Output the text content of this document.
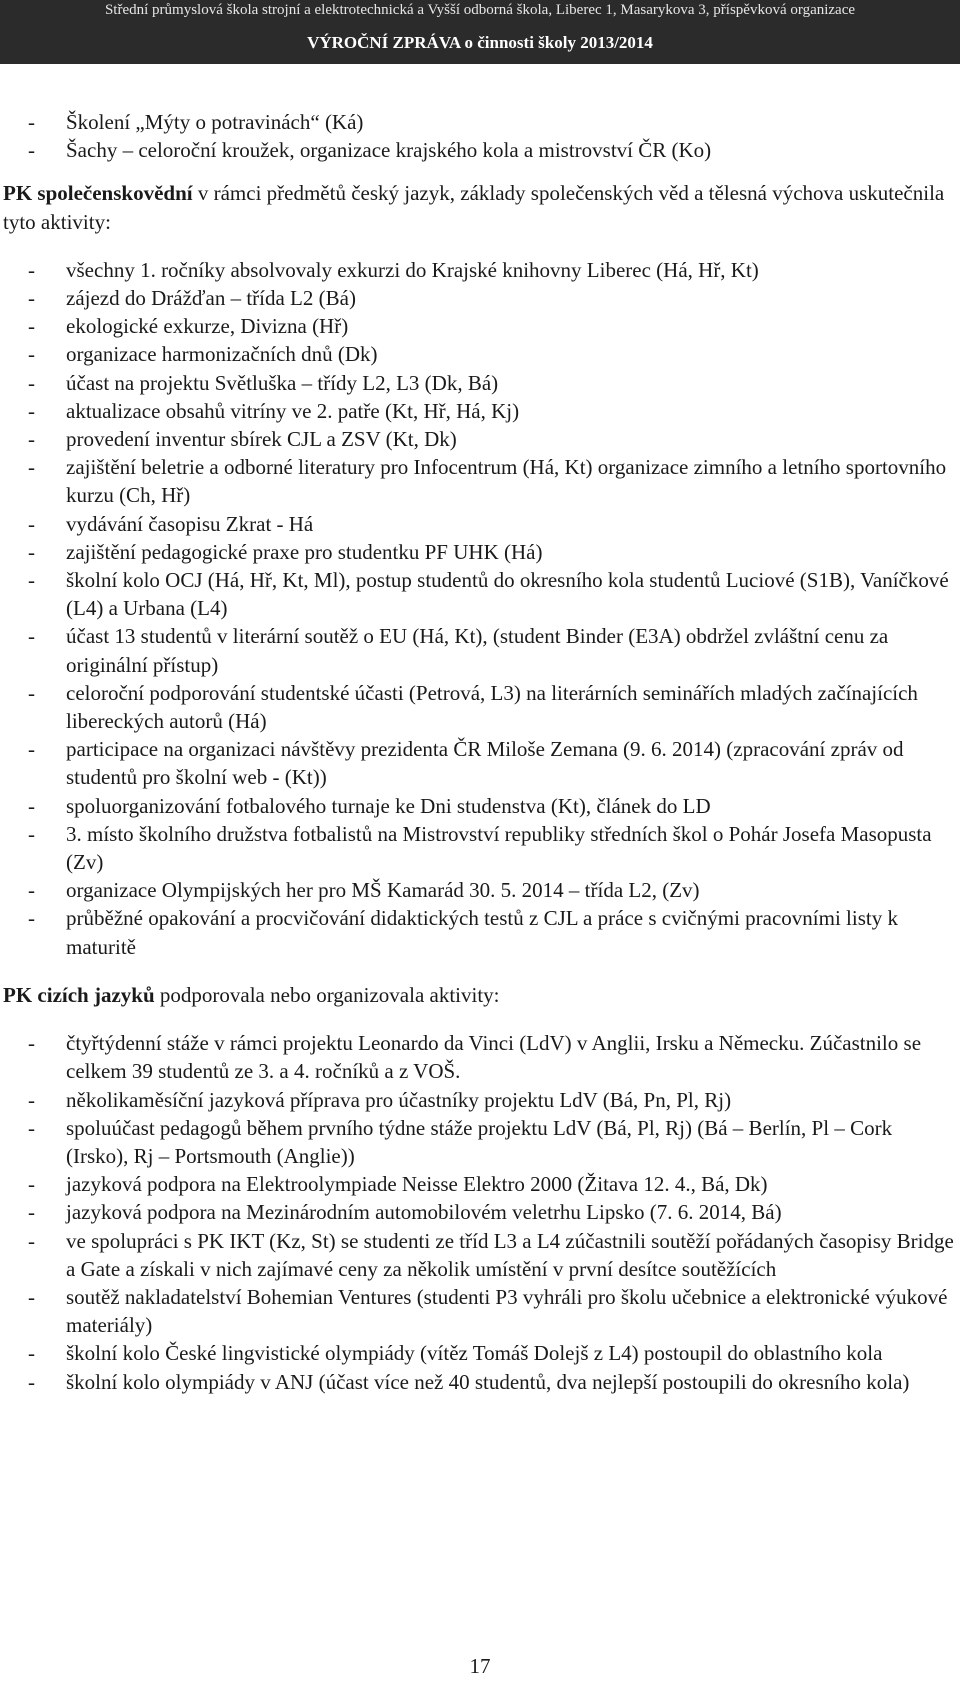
Střední průmyslová škola strojní a elektrotechnická a Vyšší odborná škola, Liberec 1, Masarykova 3, příspěvková organizace
VÝROČNÍ ZPRÁVA o činnosti školy 2013/2014
- Školení „Mýty o potravinách“ (Ká)
- Šachy – celoroční kroužek, organizace krajského kola a mistrovství ČR (Ko)

PK společenskovědní v rámci předmětů český jazyk, základy společenských věd a tělesná výchova uskutečnila tyto aktivity:

- všechny 1. ročníky absolvovaly exkurzi do Krajské knihovny Liberec (Há, Hř, Kt)
- zájezd do Drážďan – třída L2 (Bá)
- ekologické exkurze, Divizna (Hř)
- organizace harmonizačních dnů (Dk)
- účast na projektu Světluška – třídy L2, L3 (Dk, Bá)
- aktualizace obsahů vitríny ve 2. patře (Kt, Hř, Há, Kj)
- provedení inventur sbírek CJL a ZSV (Kt, Dk)
- zajištění beletrie a odborné literatury pro Infocentrum (Há, Kt) organizace zimního a letního sportovního kurzu (Ch, Hř)
- vydávání časopisu Zkrat - Há
- zajištění pedagogické praxe pro studentku PF UHK (Há)
- školní kolo OCJ (Há, Hř, Kt, Ml), postup studentů do okresního kola studentů Luciové (S1B), Vaníčkové (L4) a Urbana (L4)
- účast 13 studentů v literární soutěž o EU (Há, Kt), (student Binder (E3A) obdržel zvláštní cenu za originální přístup)
- celoroční podporování studentské účasti (Petrová, L3) na literárních seminářích mladých začínajících libereckých autorů (Há)
- participace na organizaci návštěvy prezidenta ČR Miloše Zemana (9. 6. 2014) (zpracování zpráv od studentů pro školní web - (Kt))
- spoluorganizování fotbalového turnaje ke Dni studenstva (Kt), článek do LD
- 3. místo školního družstva fotbalistů na Mistrovství republiky středních škol o Pohár Josefa Masopusta (Zv)
- organizace Olympijských her pro MŠ Kamarád 30. 5. 2014 – třída L2, (Zv)
- průběžné opakování a procvičování didaktických testů z CJL a práce s cvičnými pracovními listy k maturitě

PK cizích jazyků podporovala nebo organizovala aktivity:

- čtyřtýdenní stáže v rámci projektu Leonardo da Vinci (LdV) v Anglii, Irsku a Německu. Zúčastnilo se celkem 39 studentů ze 3. a 4. ročníků a z VOŠ.
- několikaměsíční jazyková příprava pro účastníky projektu LdV (Bá, Pn, Pl, Rj)
- spoluúčast pedagogů během prvního týdne stáže projektu LdV (Bá, Pl, Rj) (Bá – Berlín, Pl – Cork (Irsko), Rj – Portsmouth (Anglie))
- jazyková podpora na Elektroolympiade Neisse Elektro 2000 (Žitava 12. 4., Bá, Dk)
- jazyková podpora na Mezinárodním automobilovém veletrhu Lipsko (7. 6. 2014, Bá)
- ve spolupráci s PK IKT (Kz, St) se studenti ze tříd L3 a L4 zúčastnili soutěží pořádaných časopisy Bridge a Gate a získali v nich zajímavé ceny za několik umístění v první desítce soutěžících
- soutěž nakladatelství Bohemian Ventures (studenti P3 vyhráli pro školu učebnice a elektronické výukové materiály)
- školní kolo České lingvistické olympiády (vítěz Tomáš Dolejš z L4) postoupil do oblastního kola
- školní kolo olympiády v ANJ (účast více než 40 studentů, dva nejlepší postoupili do okresního kola)
17
